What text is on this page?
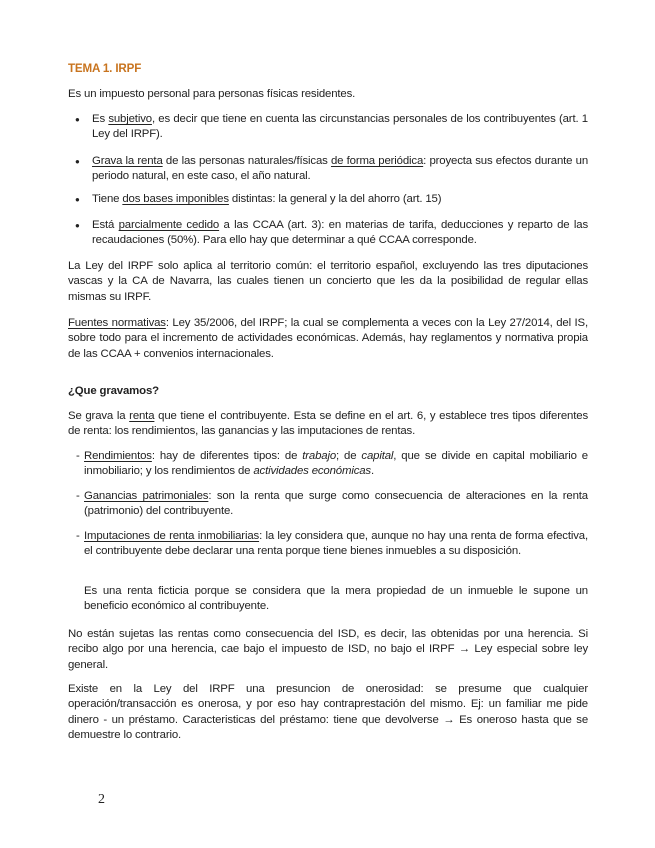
TEMA 1. IRPF
Es un impuesto personal para personas físicas residentes.
● Es subjetivo, es decir que tiene en cuenta las circunstancias personales de los contribuyentes (art. 1 Ley del IRPF).
● Grava la renta de las personas naturales/físicas de forma periódica: proyecta sus efectos durante un periodo natural, en este caso, el año natural.
● Tiene dos bases imponibles distintas: la general y la del ahorro (art. 15)
● Está parcialmente cedido a las CCAA (art. 3): en materias de tarifa, deducciones y reparto de las recaudaciones (50%). Para ello hay que determinar a qué CCAA corresponde.
La Ley del IRPF solo aplica al territorio común: el territorio español, excluyendo las tres diputaciones vascas y la CA de Navarra, las cuales tienen un concierto que les da la posibilidad de regular ellas mismas su IRPF.
Fuentes normativas: Ley 35/2006, del IRPF; la cual se complementa a veces con la Ley 27/2014, del IS, sobre todo para el incremento de actividades económicas. Además, hay reglamentos y normativa propia de las CCAA + convenios internacionales.
¿Que gravamos?
Se grava la renta que tiene el contribuyente. Esta se define en el art. 6, y establece tres tipos diferentes de renta: los rendimientos, las ganancias y las imputaciones de rentas.
- Rendimientos: hay de diferentes tipos: de trabajo; de capital, que se divide en capital mobiliario e inmobiliario; y los rendimientos de actividades económicas.
- Ganancias patrimoniales: son la renta que surge como consecuencia de alteraciones en la renta (patrimonio) del contribuyente.
- Imputaciones de renta inmobiliarias: la ley considera que, aunque no hay una renta de forma efectiva, el contribuyente debe declarar una renta porque tiene bienes inmuebles a su disposición.
Es una renta ficticia porque se considera que la mera propiedad de un inmueble le supone un beneficio económico al contribuyente.
No están sujetas las rentas como consecuencia del ISD, es decir, las obtenidas por una herencia. Si recibo algo por una herencia, cae bajo el impuesto de ISD, no bajo el IRPF → Ley especial sobre ley general.
Existe en la Ley del IRPF una presuncion de onerosidad: se presume que cualquier operación/transacción es onerosa, y por eso hay contraprestación del mismo. Ej: un familiar me pide dinero - un préstamo. Caracteristicas del préstamo: tiene que devolverse → Es oneroso hasta que se demuestre lo contrario.
2
